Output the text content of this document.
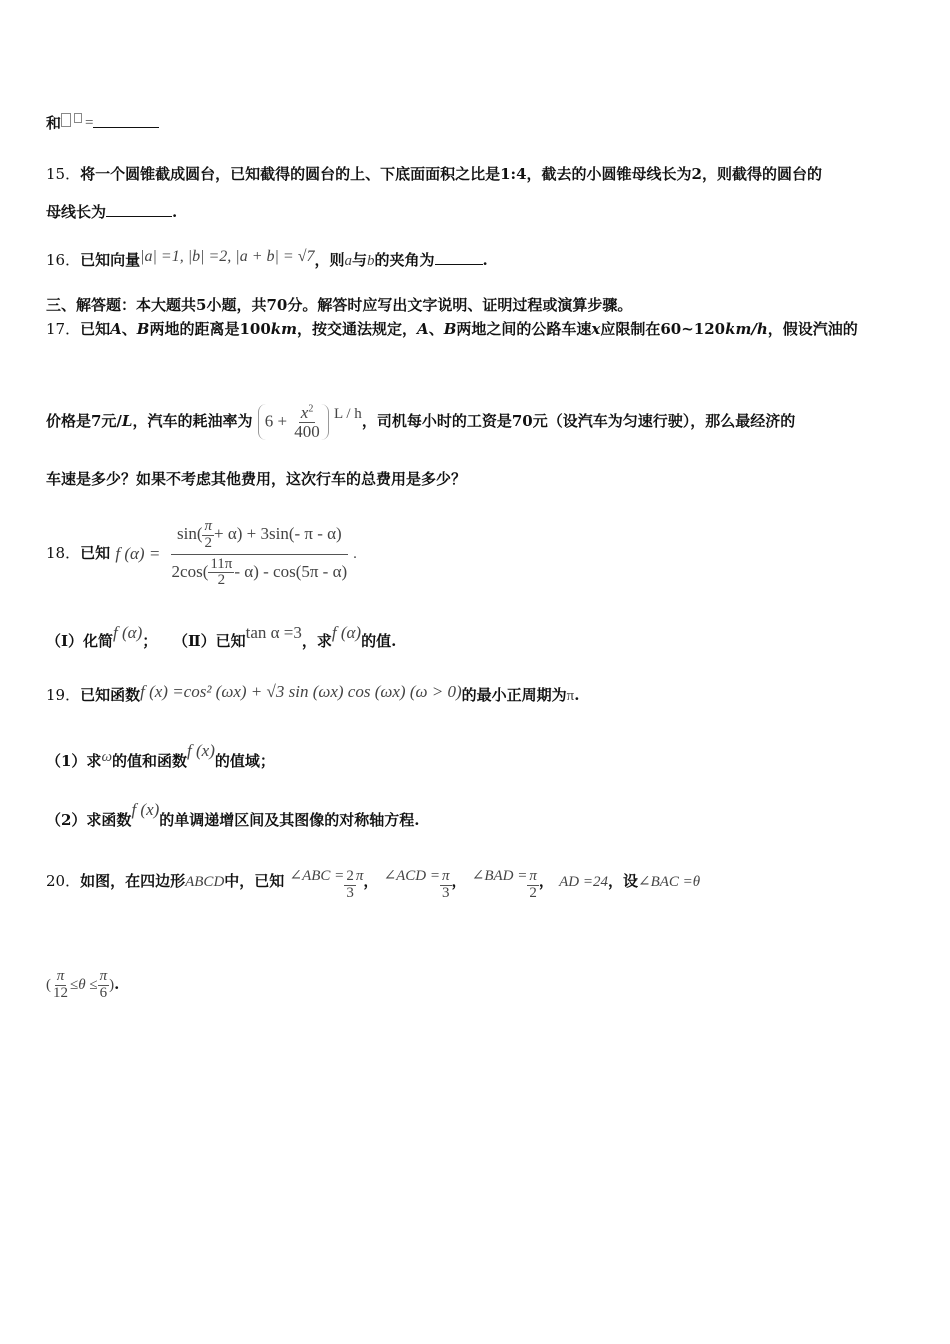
和 =
15．将一个圆锥截成圆台，已知截得的圆台的上、下底面面积之比是1:4，截去的小圆锥母线长为2，则截得的圆台的
母线长为	.
16．已知向量|a| =1, |b| =2, |a + b| = √7，则a与b的夹角为	.
三、解答题：本大题共5小题，共70分。解答时应写出文字说明、证明过程或演算步骤。
17．已知A、B两地的距离是100km，按交通法规定，A、B两地之间的公路车速x应限制在60~120km/h，假设汽油的
价格是7元/L，汽车的耗油率为 $6 + \frac{x^2}{400}$ L / h，司机每小时的工资是70元（设汽车为匀速行驶），那么最经济的
车速是多少？如果不考虑其他费用，这次行车的总费用是多少？
18．已知 f $(\alpha) = \frac{\sin( \frac{\pi}{2} + \alpha) + 3\sin(- \pi - \alpha)}{2\cos( \frac{11\pi}{2} - \alpha) - \cos(5\pi - \alpha)}$ .
（Ⅰ）化简f (α)； （Ⅱ）已知tan α =3，求f (α)的值.
19．已知函数f (x) =cos² (ωx) + √3 sin (ωx) cos (ωx) (ω > 0)的最小正周期为π.
（1）求ω的值和函数f (x)的值域；
（2）求函数f (x)的单调递增区间及其图像的对称轴方程.
20．如图，在四边形ABCD中，已知 ∠ABC = $\frac{2}{3}$ π， ∠ACD = $\frac{\pi}{3}$ ， ∠BAD = $\frac{\pi}{2}$ ， AD =24，设∠BAC =θ
( $\frac{\pi}{12} \le\theta \le \frac{\pi}{6}$ ).
